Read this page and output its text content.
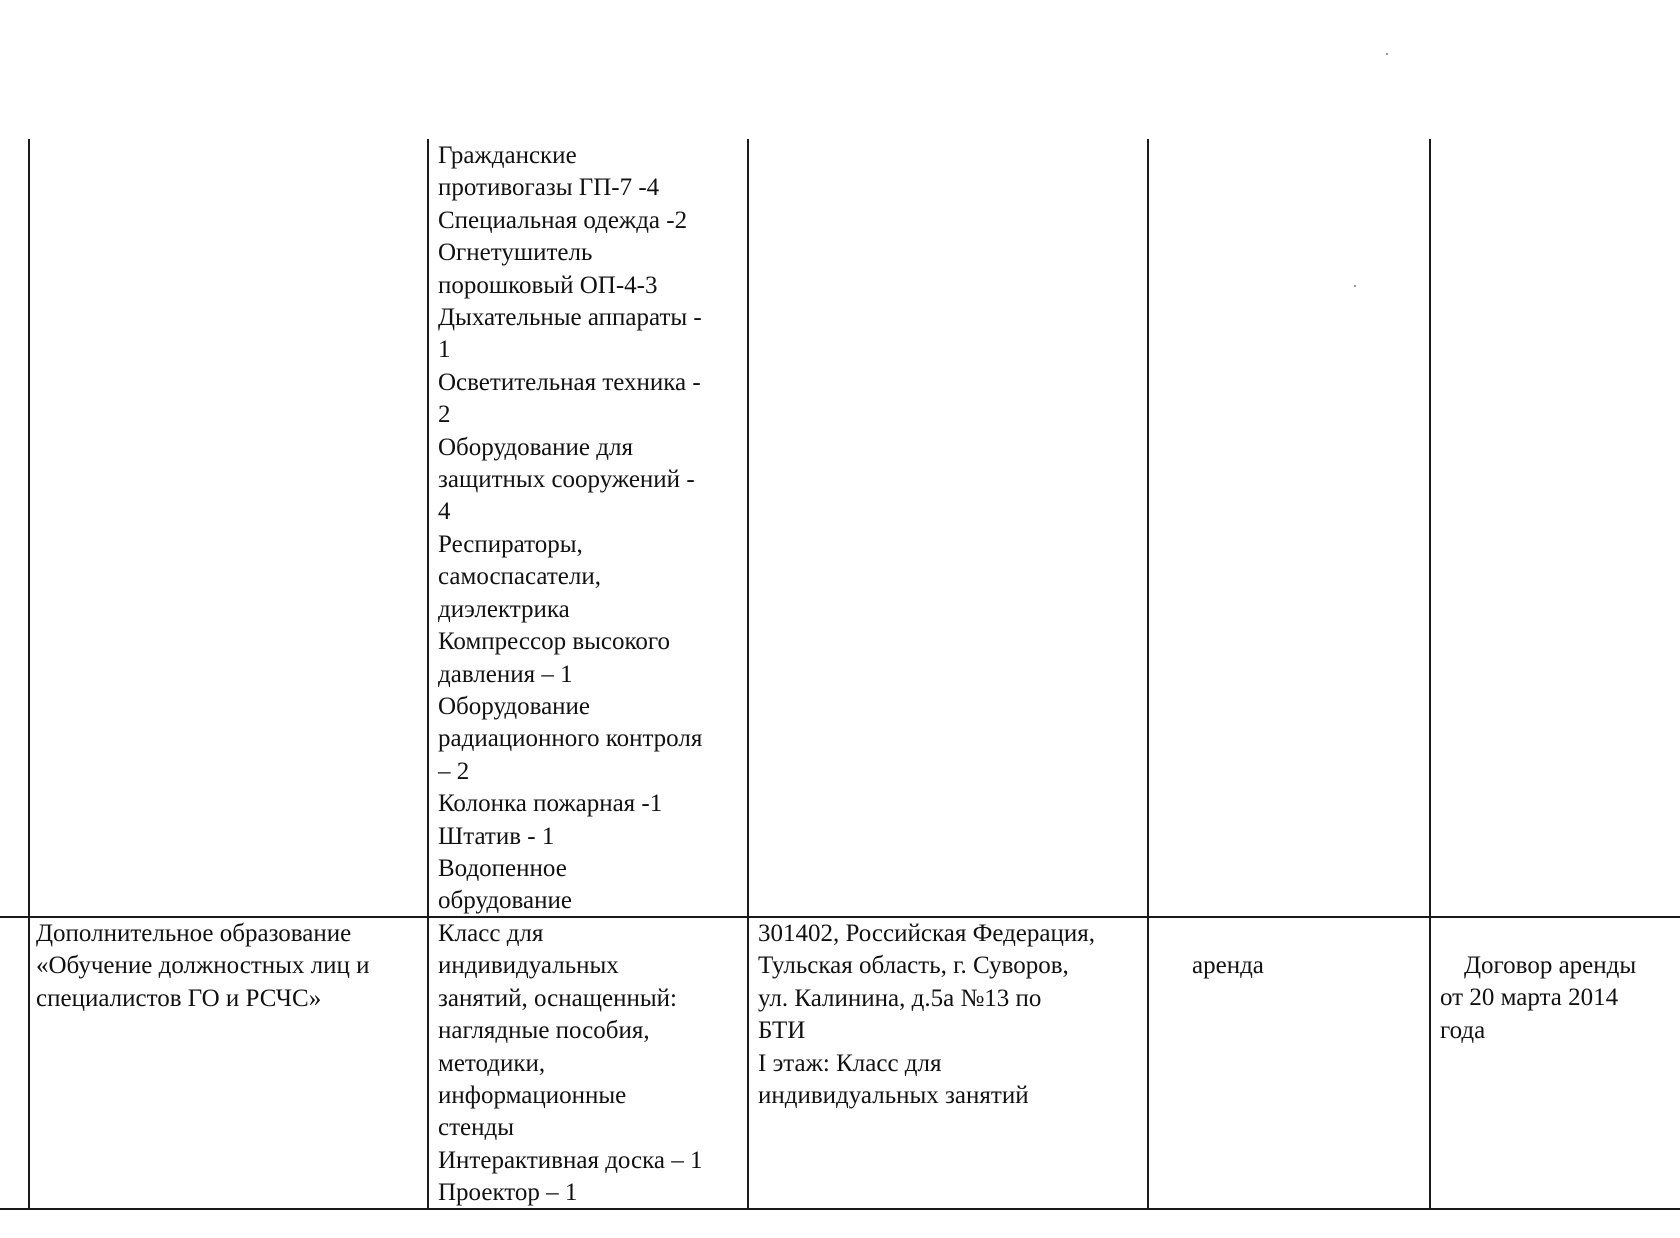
Гражданские
противогазы ГП-7 -4
Специальная одежда -2
Огнетушитель
порошковый ОП-4-3
Дыхательные аппараты -
1
Осветительная техника -
2
Оборудование для
защитных сооружений -
4
Респираторы,
самоспасатели,
диэлектрика
Компрессор высокого
давления – 1
Оборудование
радиационного контроля
– 2
Колонка пожарная -1
Штатив - 1
Водопенное
обрудование
Дополнительное образование
«Обучение должностных лиц и
специалистов ГО и РСЧС»
Класс для
индивидуальных
занятий, оснащенный:
наглядные пособия,
методики,
информационные
стенды
Интерактивная доска – 1
Проектор – 1
301402, Российская Федерация,
Тульская область, г. Суворов,
ул. Калинина, д.5а №13 по
БТИ
I этаж: Класс для
индивидуальных занятий
аренда	Договор аренды
от 20 марта 2014
года
